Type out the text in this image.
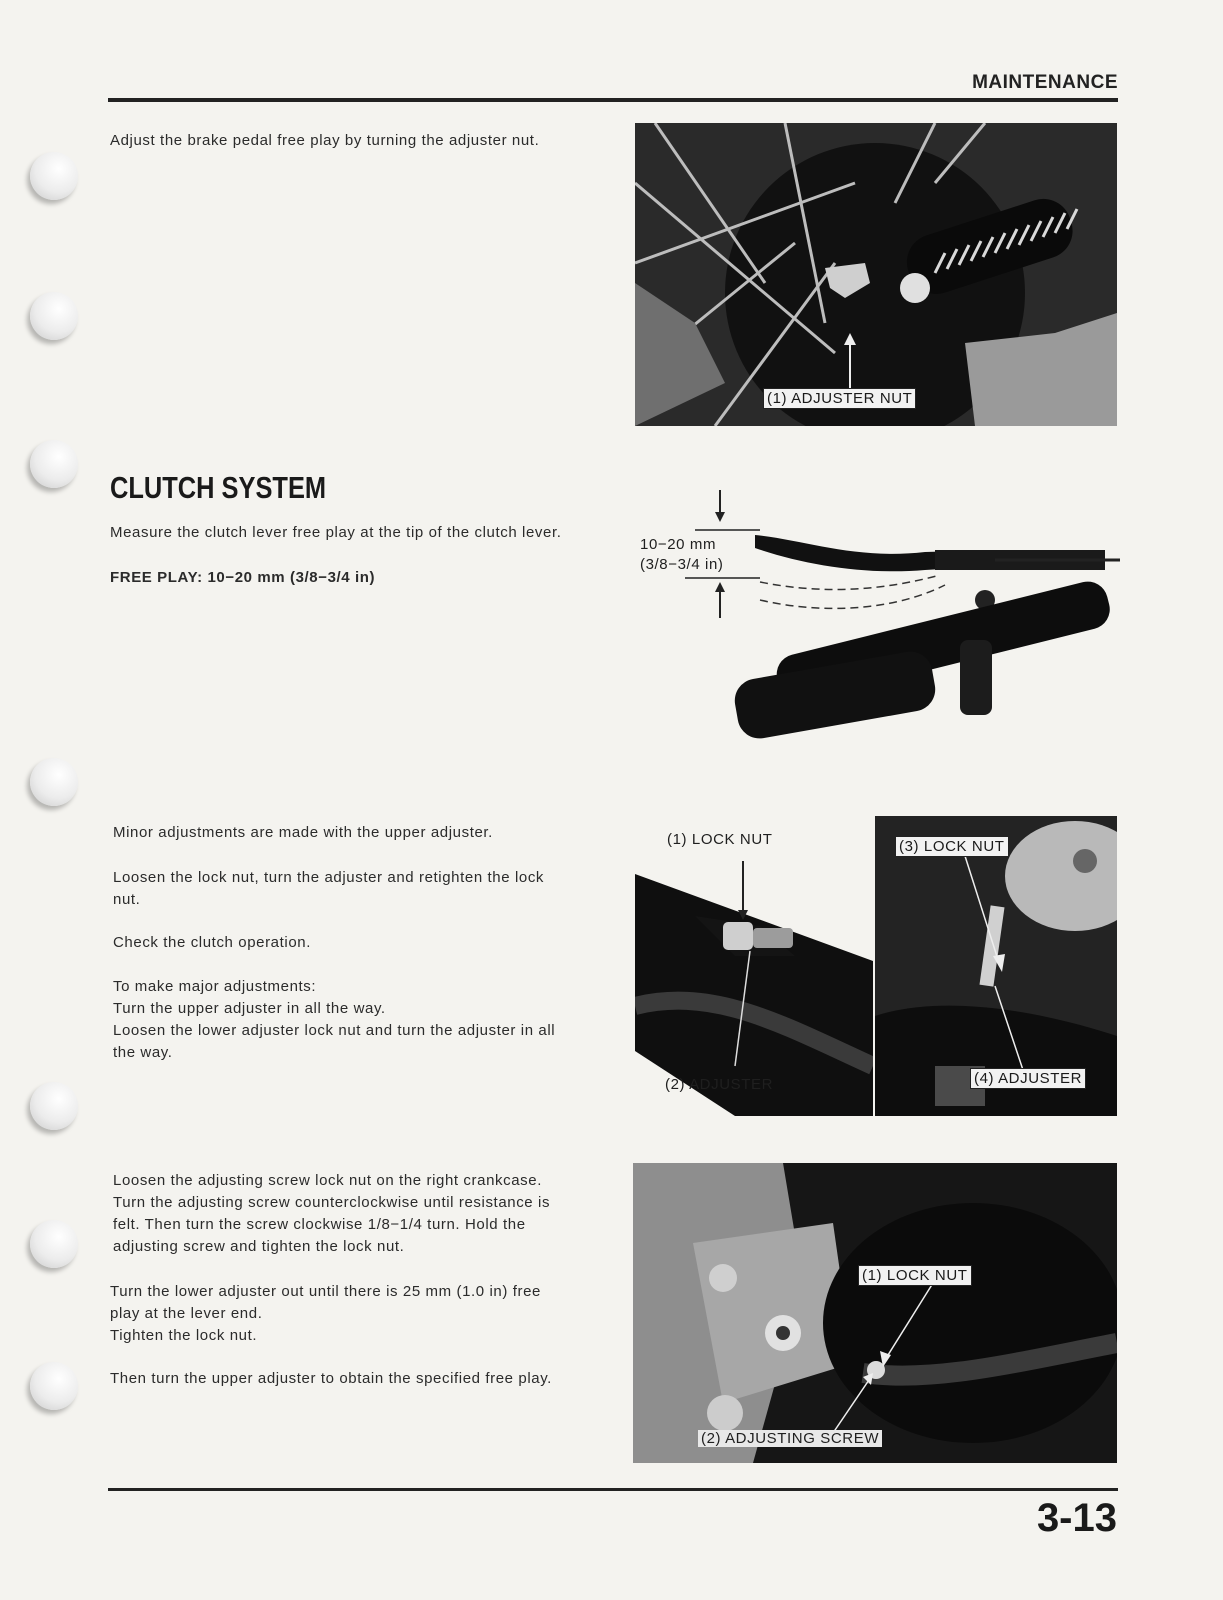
MAINTENANCE
Adjust the brake pedal free play by turning the adjuster nut.
(1) ADJUSTER NUT
CLUTCH SYSTEM
Measure the clutch lever free play at the tip of the clutch lever.
FREE PLAY: 10−20 mm (3/8−3/4 in)
10−20 mm
(3/8−3/4 in)
Minor adjustments are made with the upper adjuster.
Loosen the lock nut, turn the adjuster and retighten the lock
nut.
Check the clutch operation.
To make major adjustments:
Turn the upper adjuster in all the way.
Loosen the lower adjuster lock nut and turn the adjuster in all
the way.
(1) LOCK NUT
(2) ADJUSTER
(3) LOCK NUT
(4) ADJUSTER
Loosen the adjusting screw lock nut on the right crankcase.
Turn the adjusting screw counterclockwise until resistance is
felt. Then turn the screw clockwise 1/8−1/4 turn. Hold the
adjusting screw and tighten the lock nut.
Turn the lower adjuster out until there is 25 mm (1.0 in) free
play at the lever end.
Tighten the lock nut.
Then turn the upper adjuster to obtain the specified free play.
(1) LOCK NUT
(2) ADJUSTING SCREW
3-13
